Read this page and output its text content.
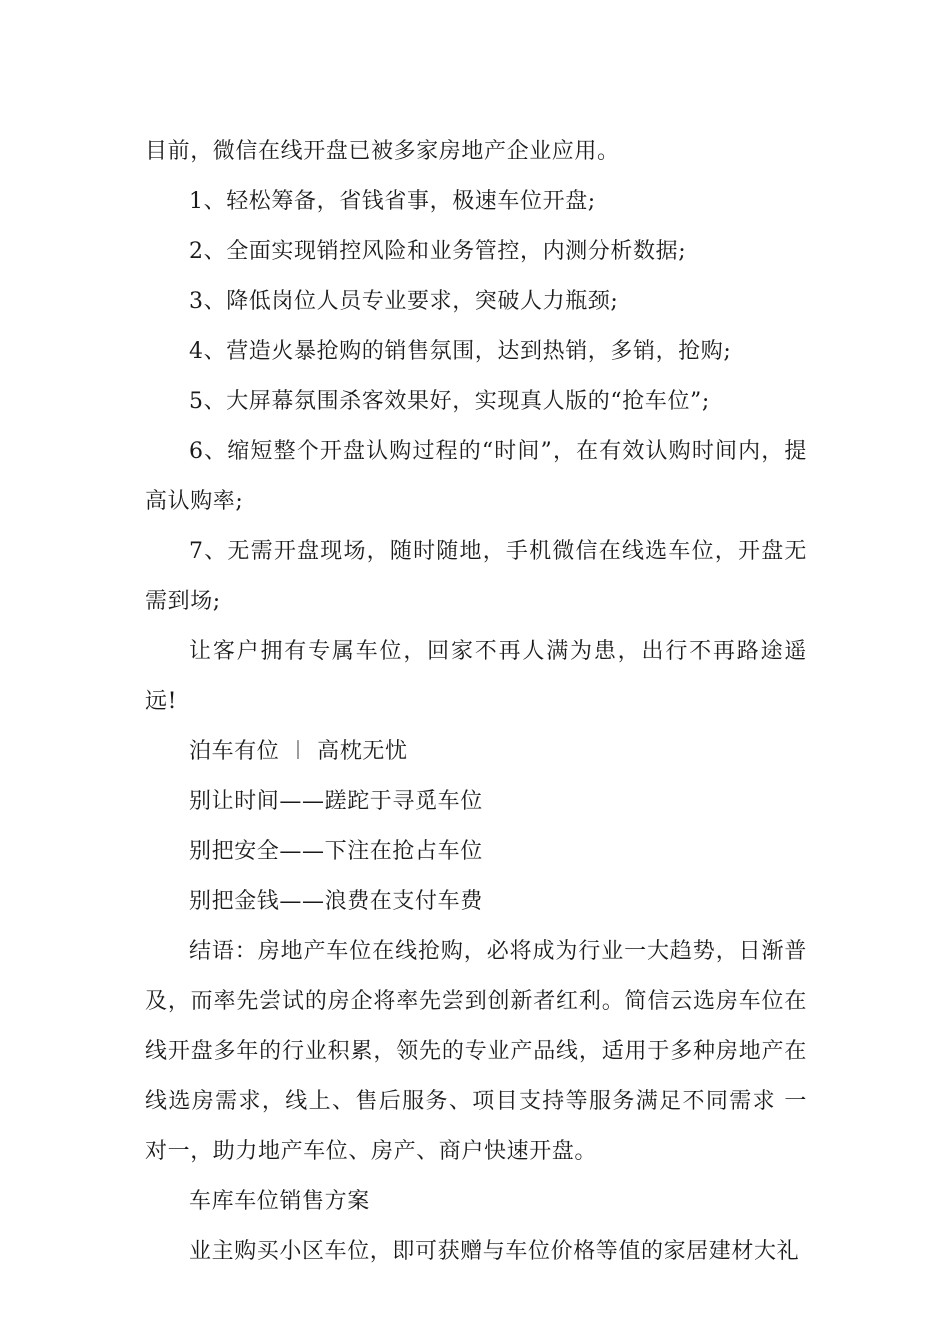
目前，微信在线开盘已被多家房地产企业应用。

1、轻松筹备，省钱省事，极速车位开盘;

2、全面实现销控风险和业务管控，内测分析数据;

3、降低岗位人员专业要求，突破人力瓶颈;

4、营造火暴抢购的销售氛围，达到热销，多销，抢购;

5、大屏幕氛围杀客效果好，实现真人版的“抢车位”;

6、缩短整个开盘认购过程的“时间”，在有效认购时间内，提高认购率;

7、无需开盘现场，随时随地，手机微信在线选车位，开盘无需到场;

让客户拥有专属车位，回家不再人满为患，出行不再路途遥远!

泊车有位 ︱ 高枕无忧

别让时间——蹉跎于寻觅车位

别把安全——下注在抢占车位

别把金钱——浪费在支付车费

结语：房地产车位在线抢购，必将成为行业一大趋势，日渐普及，而率先尝试的房企将率先尝到创新者红利。简信云选房车位在线开盘多年的行业积累，领先的专业产品线，适用于多种房地产在线选房需求，线上、售后服务、项目支持等服务满足不同需求 一对一，助力地产车位、房产、商户快速开盘。

车库车位销售方案

业主购买小区车位，即可获赠与车位价格等值的家居建材大礼
